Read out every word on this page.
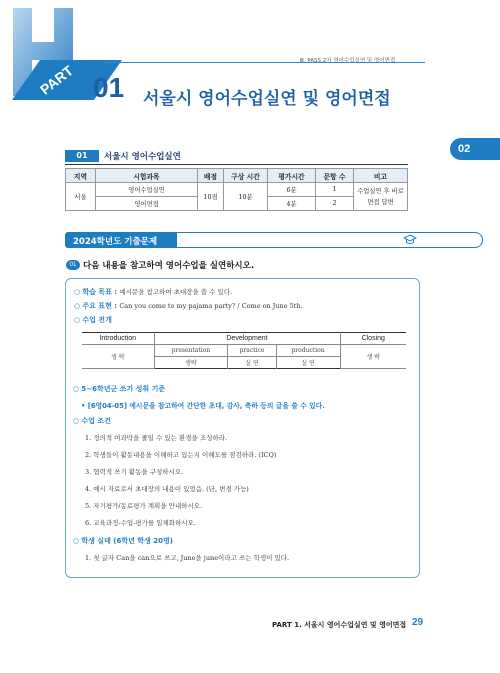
PART
Ⅲ. PASS 2차 영어수업실연 및 영어면접
01 서울시 영어수업실연 및 영어면접
02
01	서울시 영어수업실연
지역	시험과목	배점	구상 시간	평가시간	문항 수	비고
서울	영어수업실연	10점	10분	6분	1	수업실연 후 바로
면접 답변

	영어면접			4분	2	
2024학년도 기출문제
01 다음 내용을 참고하여 영어수업을 실연하시오.
○ 학습 목표 : 예시문을 참고하여 초대장을 쓸 수 있다.
○ 주요 표현 : Can you come to my pajama party? / Come on June 5th.
○ 수업 전개
Introduction	Development			Closing
생 략	presentation	practice	production	생 략
	생략	실 연	실 연	
○ 5~6학년군 쓰기 성취 기준
• [6영04-05] 예시문을 참고하여 간단한 초대, 감사, 축하 등의 글을 쓸 수 있다.
○ 수업 조건
1. 정의적 여과막을 줄일 수 있는 환경을 조성하라.
2. 학생들이 활동내용을 이해하고 있는지 이해도를 점검하라. (ICQ)
3. 협력적 쓰기 활동을 구성하시오.
4. 예시 자료로서 초대장의 내용이 있었음. (단, 변경 가능)
5. 자기평가/동료평가 계획을 안내하시오.
6. 교육과정-수업-평가를 일체화하시오.
○ 학생 실태 (6학년 학생 20명)
1. 첫 글자 Can을 can으로 쓰고, June을 june이라고 쓰는 학생이 있다.
PART 1. 서울시 영어수업실연 및 영어면접 29
